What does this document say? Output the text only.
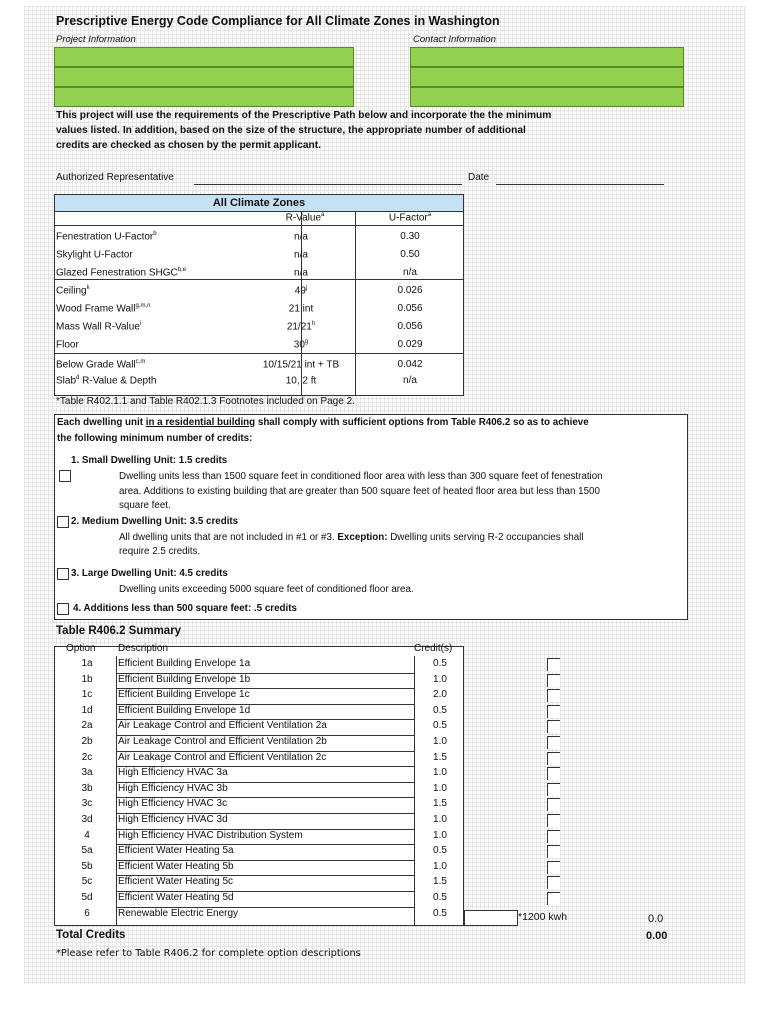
Prescriptive Energy Code Compliance for All Climate Zones in Washington
Project Information	Contact Information
This project will use the requirements of the Prescriptive Path below and incorporate the the minimum values listed. In addition, based on the size of the structure, the appropriate number of additional credits are checked as chosen by the permit applicant.
Authorized Representative	Date
All Climate Zones
R-Value$^a$	U-Factor$^a$
Fenestration U-Factor$^b$	n/a	0.30
Skylight U-Factor	n/a	0.50
Glazed Fenestration SHGC$^{b,e}$	n/a	n/a
Ceiling$^k$	49$^j$	0.026
Wood Frame Wall$^{g,m,n}$	21 int	0.056
Mass Wall R-Value$^i$	21/21$^h$	0.056
Floor	30$^g$	0.029
Below Grade Wall$^{c,m}$	10/15/21 int + TB	0.042
Slab$^d$ R-Value & Depth	10, 2 ft	n/a
*Table R402.1.1 and Table R402.1.3 Footnotes included on Page 2.
Each dwelling unit in a residential building shall comply with sufficient options from Table R406.2 so as to achieve
the following minimum number of credits:
1. Small Dwelling Unit: 1.5 credits
Dwelling units less than 1500 square feet in conditioned floor area with less than 300 square feet of fenestration
area. Additions to existing building that are greater than 500 square feet of heated floor area but less than 1500
square feet.
2. Medium Dwelling Unit: 3.5 credits
All dwelling units that are not included in #1 or #3. Exception: Dwelling units serving R-2 occupancies shall
require 2.5 credits.
3. Large Dwelling Unit: 4.5 credits
Dwelling units exceeding 5000 square feet of conditioned floor area.
4. Additions less than 500 square feet: .5 credits
Table R406.2 Summary
Option Description	Credit(s)
1a	Efficient Building Envelope 1a	0.5
1b	Efficient Building Envelope 1b	1.0
1c	Efficient Building Envelope 1c	2.0
1d	Efficient Building Envelope 1d	0.5
2a	Air Leakage Control and Efficient Ventilation 2a	0.5
2b	Air Leakage Control and Efficient Ventilation 2b	1.0
2c	Air Leakage Control and Efficient Ventilation 2c	1.5
3a	High Efficiency HVAC 3a	1.0
3b	High Efficiency HVAC 3b	1.0
3c	High Efficiency HVAC 3c	1.5
3d	High Efficiency HVAC 3d	1.0
4	High Efficiency HVAC Distribution System	1.0
5a	Efficient Water Heating 5a	0.5
5b	Efficient Water Heating 5b	1.0
5c	Efficient Water Heating 5c	1.5
5d	Efficient Water Heating 5d	0.5
6	Renewable Electric Energy	0.5	*1200 kwh	0.0
Total Credits	0.00
*Please refer to Table R406.2 for complete option descriptions
